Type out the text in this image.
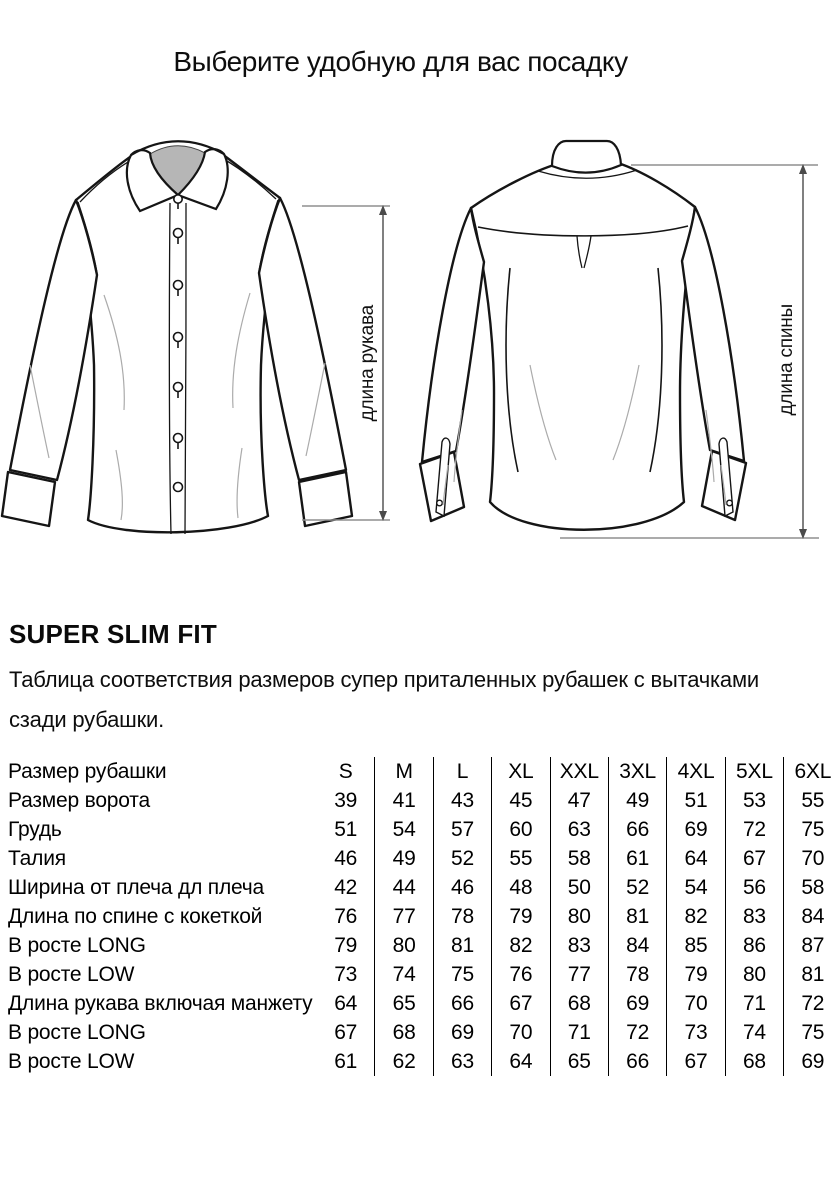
Выберите удобную для вас посадку
длина рукава	длина спины
SUPER SLIM FIT
Таблица соответствия размеров супер приталенных рубашек с вытачками
сзади рубашки.
Размер рубашки	S	M	L	XL	XXL	3XL	4XL	5XL	6XL
Размер ворота	39	41	43	45	47	49	51	53	55
Грудь	51	54	57	60	63	66	69	72	75
Талия	46	49	52	55	58	61	64	67	70
Ширина от плеча дл плеча	42	44	46	48	50	52	54	56	58
Длина по спине с кокеткой	76	77	78	79	80	81	82	83	84
В росте LONG	79	80	81	82	83	84	85	86	87
В росте LOW	73	74	75	76	77	78	79	80	81
Длина рукава включая манжету	64	65	66	67	68	69	70	71	72
В росте LONG	67	68	69	70	71	72	73	74	75
В росте LOW	61	62	63	64	65	66	67	68	69
